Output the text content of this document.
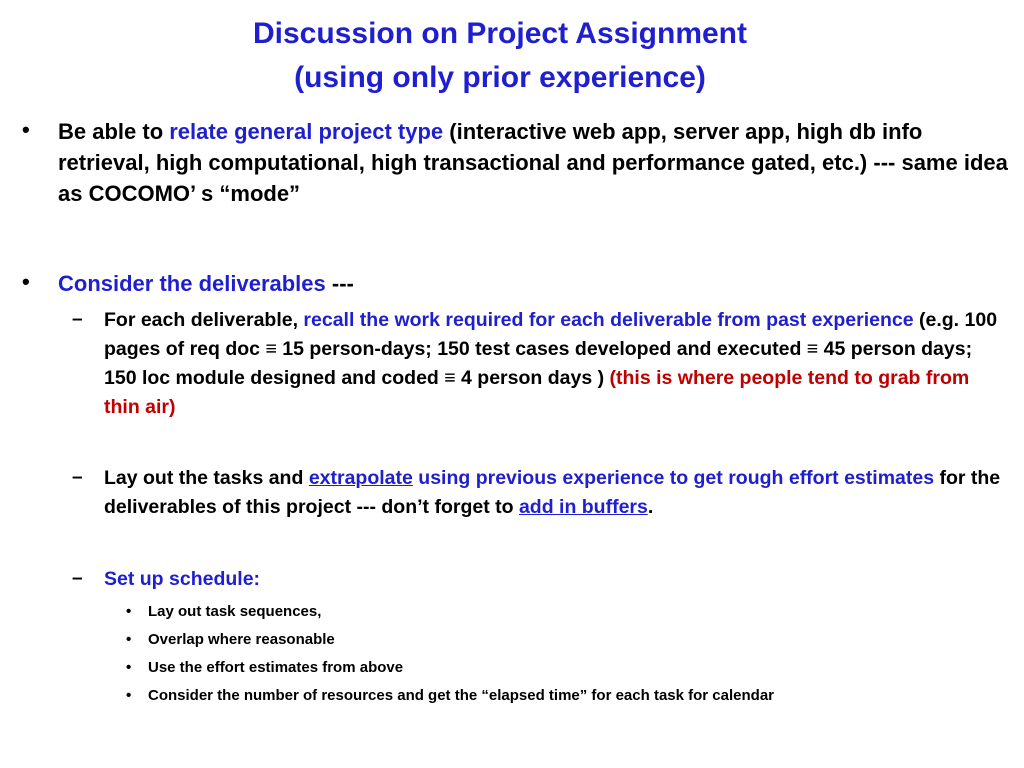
Discussion on Project Assignment
(using only prior experience)
• Be able to relate general project type (interactive web app, server app, high db info retrieval, high computational, high transactional and performance gated, etc.) --- same idea as COCOMO’ s “mode”
• Consider the deliverables ---
– For each deliverable, recall the work required for each deliverable from past experience (e.g. 100 pages of req doc ≡ 15 person-days; 150 test cases developed and executed ≡ 45 person days; 150 loc module designed and coded ≡ 4 person days ) (this is where people tend to grab from thin air)
– Lay out the tasks and extrapolate using previous experience to get rough effort estimates for the deliverables of this project --- don’t forget to add in buffers.
– Set up schedule:
• Lay out task sequences,
• Overlap where reasonable
• Use the effort estimates from above
• Consider the number of resources and get the “elapsed time” for each task for calendar
